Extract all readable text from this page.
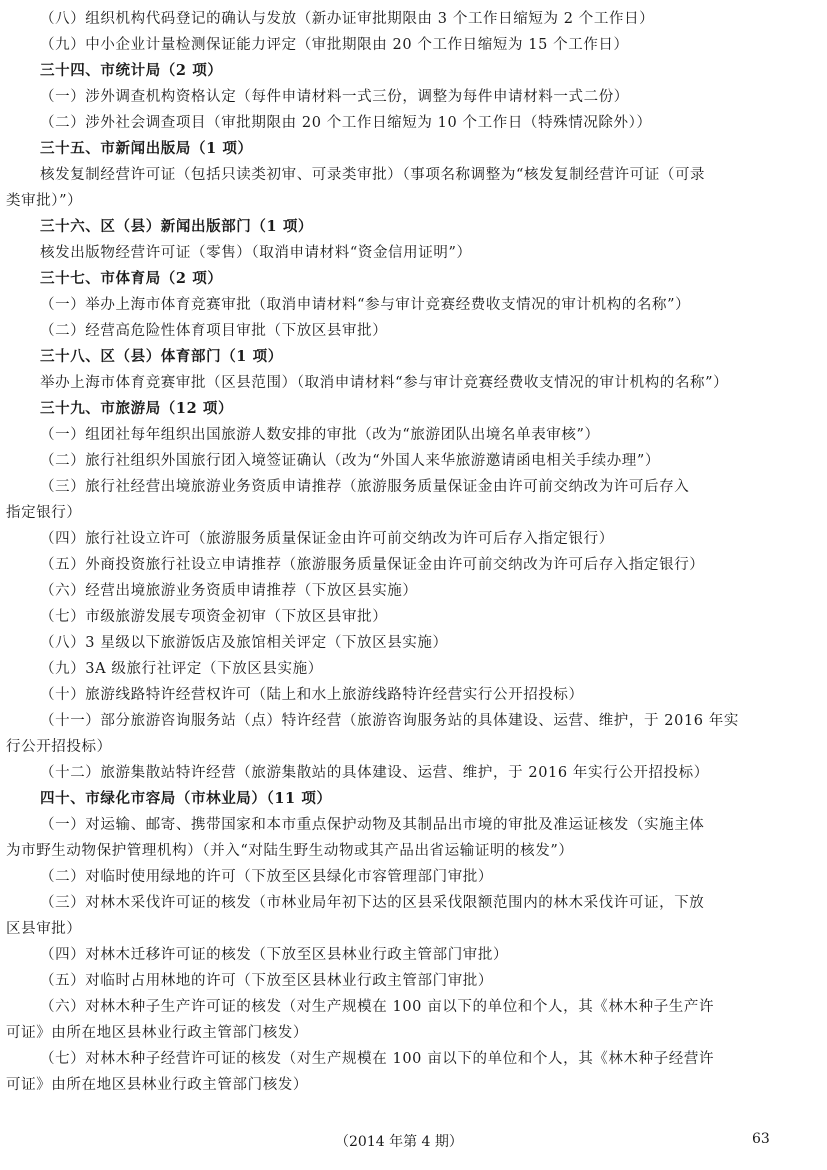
（八）组织机构代码登记的确认与发放（新办证审批期限由 3 个工作日缩短为 2 个工作日）
（九）中小企业计量检测保证能力评定（审批期限由 20 个工作日缩短为 15 个工作日）
三十四、市统计局（2 项）
（一）涉外调查机构资格认定（每件申请材料一式三份，调整为每件申请材料一式二份）
（二）涉外社会调查项目（审批期限由 20 个工作日缩短为 10 个工作日（特殊情况除外））
三十五、市新闻出版局（1 项）
核发复制经营许可证（包括只读类初审、可录类审批）（事项名称调整为“核发复制经营许可证（可录
类审批）”）
三十六、区（县）新闻出版部门（1 项）
核发出版物经营许可证（零售）（取消申请材料“资金信用证明”）
三十七、市体育局（2 项）
（一）举办上海市体育竞赛审批（取消申请材料“参与审计竞赛经费收支情况的审计机构的名称”）
（二）经营高危险性体育项目审批（下放区县审批）
三十八、区（县）体育部门（1 项）
举办上海市体育竞赛审批（区县范围）（取消申请材料“参与审计竞赛经费收支情况的审计机构的名称”）
三十九、市旅游局（12 项）
（一）组团社每年组织出国旅游人数安排的审批（改为“旅游团队出境名单表审核”）
（二）旅行社组织外国旅行团入境签证确认（改为“外国人来华旅游邀请函电相关手续办理”）
（三）旅行社经营出境旅游业务资质申请推荐（旅游服务质量保证金由许可前交纳改为许可后存入
指定银行）
（四）旅行社设立许可（旅游服务质量保证金由许可前交纳改为许可后存入指定银行）
（五）外商投资旅行社设立申请推荐（旅游服务质量保证金由许可前交纳改为许可后存入指定银行）
（六）经营出境旅游业务资质申请推荐（下放区县实施）
（七）市级旅游发展专项资金初审（下放区县审批）
（八）3 星级以下旅游饭店及旅馆相关评定（下放区县实施）
（九）3A 级旅行社评定（下放区县实施）
（十）旅游线路特许经营权许可（陆上和水上旅游线路特许经营实行公开招投标）
（十一）部分旅游咨询服务站（点）特许经营（旅游咨询服务站的具体建设、运营、维护，于 2016 年实
行公开招投标）
（十二）旅游集散站特许经营（旅游集散站的具体建设、运营、维护，于 2016 年实行公开招投标）
四十、市绿化市容局（市林业局）（11 项）
（一）对运输、邮寄、携带国家和本市重点保护动物及其制品出市境的审批及准运证核发（实施主体
为市野生动物保护管理机构）（并入“对陆生野生动物或其产品出省运输证明的核发”）
（二）对临时使用绿地的许可（下放至区县绿化市容管理部门审批）
（三）对林木采伐许可证的核发（市林业局年初下达的区县采伐限额范围内的林木采伐许可证，下放
区县审批）
（四）对林木迁移许可证的核发（下放至区县林业行政主管部门审批）
（五）对临时占用林地的许可（下放至区县林业行政主管部门审批）
（六）对林木种子生产许可证的核发（对生产规模在 100 亩以下的单位和个人，其《林木种子生产许
可证》由所在地区县林业行政主管部门核发）
（七）对林木种子经营许可证的核发（对生产规模在 100 亩以下的单位和个人，其《林木种子经营许
可证》由所在地区县林业行政主管部门核发）
（2014 年第 4 期）	63
